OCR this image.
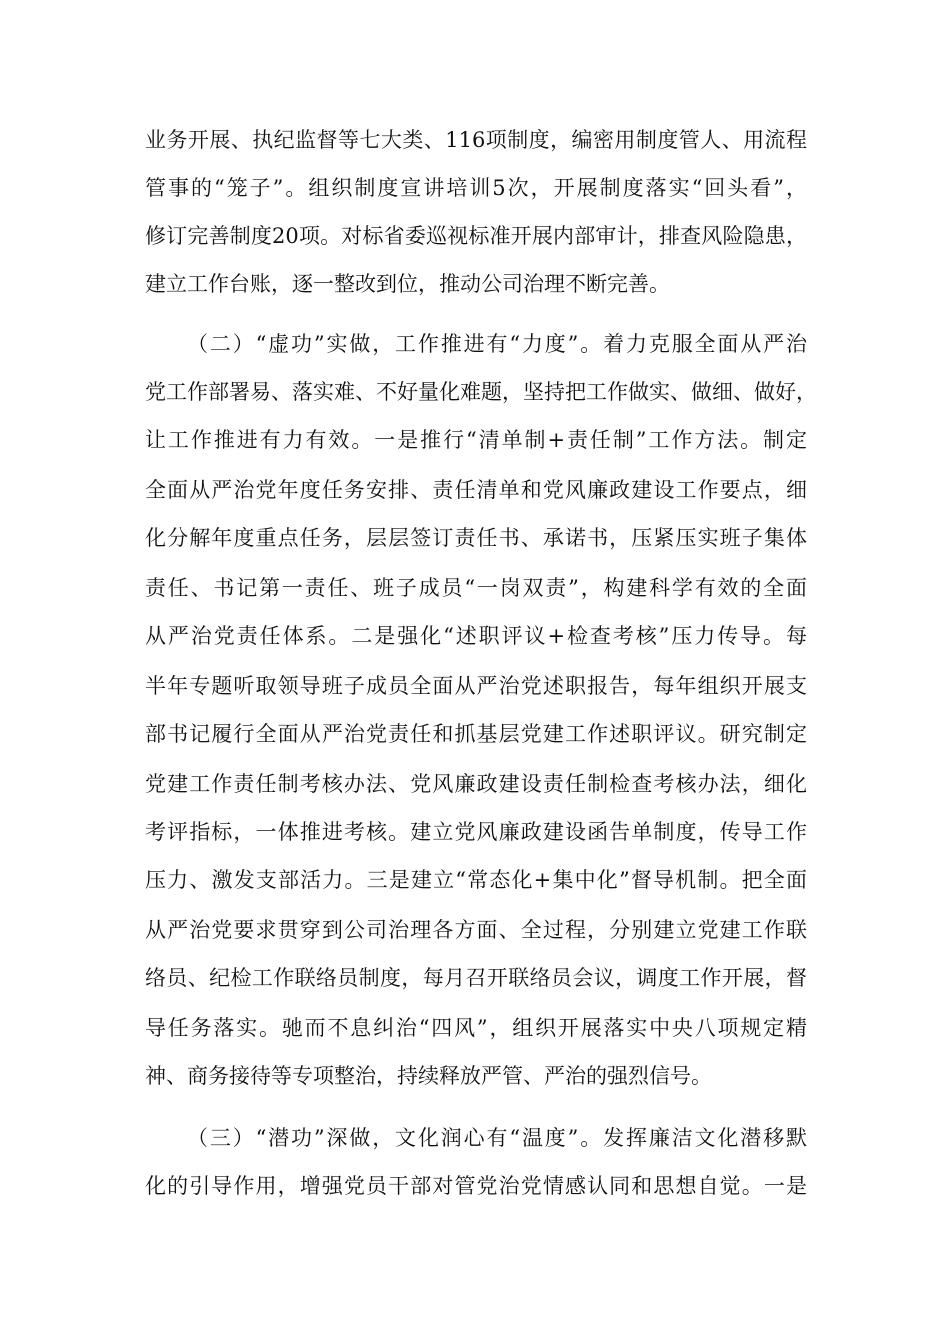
业务开展、执纪监督等七大类、116项制度，编密用制度管人、用流程
管事的“笼子”。组织制度宣讲培训5次，开展制度落实“回头看”，
修订完善制度20项。对标省委巡视标准开展内部审计，排查风险隐患，
建立工作台账，逐一整改到位，推动公司治理不断完善。
（二）“虚功”实做，工作推进有“力度”。着力克服全面从严治
党工作部署易、落实难、不好量化难题，坚持把工作做实、做细、做好，
让工作推进有力有效。一是推行“清单制+责任制”工作方法。制定
全面从严治党年度任务安排、责任清单和党风廉政建设工作要点，细
化分解年度重点任务，层层签订责任书、承诺书，压紧压实班子集体
责任、书记第一责任、班子成员“一岗双责”，构建科学有效的全面
从严治党责任体系。二是强化“述职评议+检查考核”压力传导。每
半年专题听取领导班子成员全面从严治党述职报告，每年组织开展支
部书记履行全面从严治党责任和抓基层党建工作述职评议。研究制定
党建工作责任制考核办法、党风廉政建设责任制检查考核办法，细化
考评指标，一体推进考核。建立党风廉政建设函告单制度，传导工作
压力、激发支部活力。三是建立“常态化+集中化”督导机制。把全面
从严治党要求贯穿到公司治理各方面、全过程，分别建立党建工作联
络员、纪检工作联络员制度，每月召开联络员会议，调度工作开展，督
导任务落实。驰而不息纠治“四风”，组织开展落实中央八项规定精
神、商务接待等专项整治，持续释放严管、严治的强烈信号。
（三）“潜功”深做，文化润心有“温度”。发挥廉洁文化潜移默
化的引导作用，增强党员干部对管党治党情感认同和思想自觉。一是
